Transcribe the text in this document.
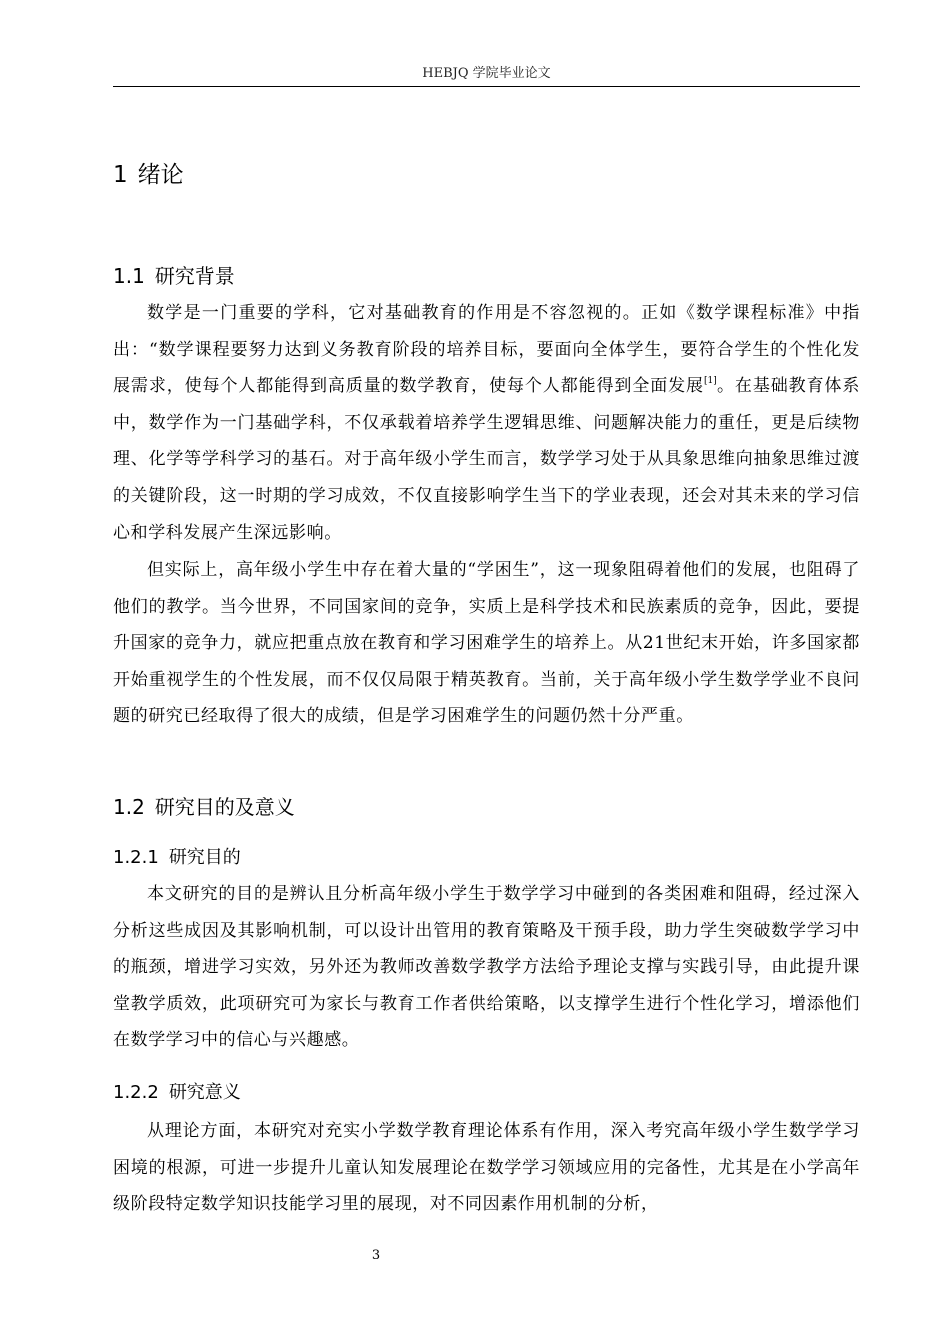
HEBJQ 学院毕业论文
1 绪论
1.1 研究背景
数学是一门重要的学科，它对基础教育的作用是不容忽视的。正如《数学课程标准》中指出：“数学课程要努力达到义务教育阶段的培养目标，要面向全体学生，要符合学生的个性化发展需求，使每个人都能得到高质量的数学教育，使每个人都能得到全面发展[1]。在基础教育体系中，数学作为一门基础学科，不仅承载着培养学生逻辑思维、问题解决能力的重任，更是后续物理、化学等学科学习的基石。对于高年级小学生而言，数学学习处于从具象思维向抽象思维过渡的关键阶段，这一时期的学习成效，不仅直接影响学生当下的学业表现，还会对其未来的学习信心和学科发展产生深远影响。
但实际上，高年级小学生中存在着大量的“学困生”，这一现象阻碍着他们的发展，也阻碍了他们的教学。当今世界，不同国家间的竞争，实质上是科学技术和民族素质的竞争，因此，要提升国家的竞争力，就应把重点放在教育和学习困难学生的培养上。从21世纪末开始，许多国家都开始重视学生的个性发展，而不仅仅局限于精英教育。当前，关于高年级小学生数学学业不良问题的研究已经取得了很大的成绩，但是学习困难学生的问题仍然十分严重。
1.2 研究目的及意义
1.2.1 研究目的
本文研究的目的是辨认且分析高年级小学生于数学学习中碰到的各类困难和阻碍，经过深入分析这些成因及其影响机制，可以设计出管用的教育策略及干预手段，助力学生突破数学学习中的瓶颈，增进学习实效，另外还为教师改善数学教学方法给予理论支撑与实践引导，由此提升课堂教学质效，此项研究可为家长与教育工作者供给策略，以支撑学生进行个性化学习，增添他们在数学学习中的信心与兴趣感。
1.2.2 研究意义
从理论方面，本研究对充实小学数学教育理论体系有作用，深入考究高年级小学生数学学习困境的根源，可进一步提升儿童认知发展理论在数学学习领域应用的完备性，尤其是在小学高年级阶段特定数学知识技能学习里的展现，对不同因素作用机制的分析，
3
